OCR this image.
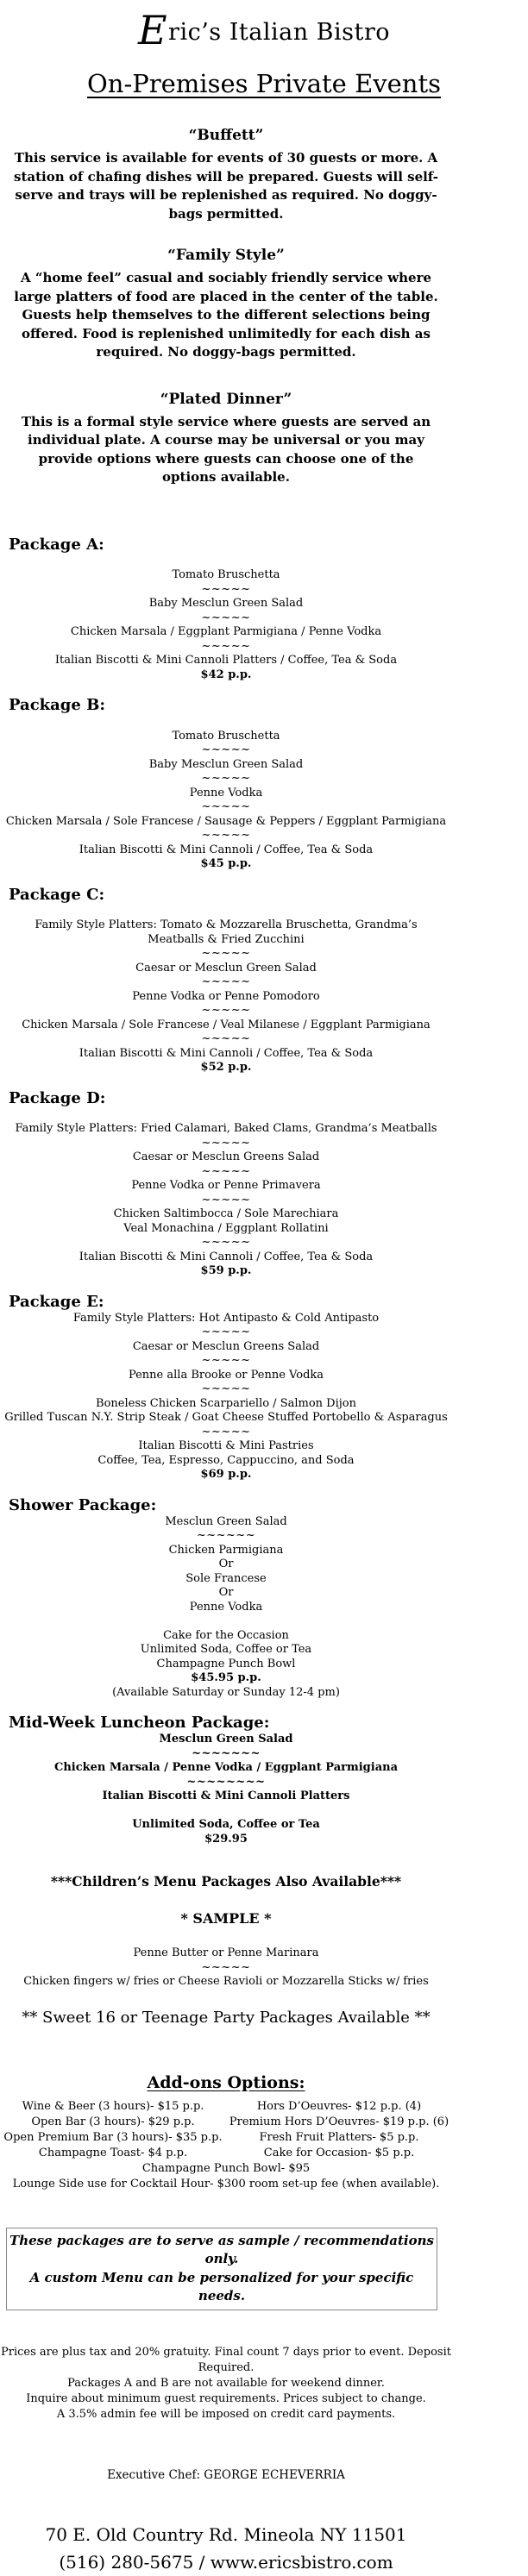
Eric’s Italian Bistro
On-Premises Private Events
“Buffett”

This service is available for events of 30 guests or more. A station of chafing dishes will be prepared. Guests will self-serve and trays will be replenished as required. No doggy-bags permitted.

“Family Style”

A “home feel” casual and sociably friendly service where large platters of food are placed in the center of the table. Guests help themselves to the different selections being offered. Food is replenished unlimitedly for each dish as required. No doggy-bags permitted.

“Plated Dinner”

This is a formal style service where guests are served an individual plate. A course may be universal or you may provide options where guests can choose one of the options available.

Package A:

Tomato Bruschetta
~~~~~
Baby Mesclun Green Salad
~~~~~
Chicken Marsala / Eggplant Parmigiana / Penne Vodka
~~~~~
Italian Biscotti & Mini Cannoli Platters / Coffee, Tea & Soda
$42 p.p.
Package B:

Tomato Bruschetta
~~~~~
Baby Mesclun Green Salad
~~~~~
Penne Vodka
~~~~~
Chicken Marsala / Sole Francese / Sausage & Peppers / Eggplant Parmigiana
~~~~~
Italian Biscotti & Mini Cannoli / Coffee, Tea & Soda
$45 p.p.
Package C:

Family Style Platters: Tomato & Mozzarella Bruschetta, Grandma’s Meatballs & Fried Zucchini
~~~~~
Caesar or Mesclun Green Salad
~~~~~
Penne Vodka or Penne Pomodoro
~~~~~
Chicken Marsala / Sole Francese / Veal Milanese / Eggplant Parmigiana
~~~~~
Italian Biscotti & Mini Cannoli / Coffee, Tea & Soda
$52 p.p.
Package D:

Family Style Platters: Fried Calamari, Baked Clams, Grandma’s Meatballs
~~~~~
Caesar or Mesclun Greens Salad
~~~~~
Penne Vodka or Penne Primavera
~~~~~
Chicken Saltimbocca / Sole Marechiara
Veal Monachina / Eggplant Rollatini
~~~~~
Italian Biscotti & Mini Cannoli / Coffee, Tea & Soda
$59 p.p.
Package E:
Family Style Platters: Hot Antipasto & Cold Antipasto
~~~~~
Caesar or Mesclun Greens Salad
~~~~~
Penne alla Brooke or Penne Vodka
~~~~~
Boneless Chicken Scarpariello / Salmon Dijon
Grilled Tuscan N.Y. Strip Steak / Goat Cheese Stuffed Portobello & Asparagus
~~~~~
Italian Biscotti & Mini Pastries
Coffee, Tea, Espresso, Cappuccino, and Soda
$69 p.p.
Shower Package:
Mesclun Green Salad
~~~~~~
Chicken Parmigiana
Or
Sole Francese
Or
Penne Vodka

Cake for the Occasion
Unlimited Soda, Coffee or Tea
Champagne Punch Bowl
$45.95 p.p.
(Available Saturday or Sunday 12-4 pm)
Mid-Week Luncheon Package:
Mesclun Green Salad
~~~~~~~
Chicken Marsala / Penne Vodka / Eggplant Parmigiana
~~~~~~~~
Italian Biscotti & Mini Cannoli Platters

Unlimited Soda, Coffee or Tea
$29.95
***Children’s Menu Packages Also Available***
* SAMPLE *
Penne Butter or Penne Marinara
~~~~~
Chicken fingers w/ fries or Cheese Ravioli or Mozzarella Sticks w/ fries
** Sweet 16 or Teenage Party Packages Available **
Add-ons Options:
Wine & Beer (3 hours)- $15 p.p.
Open Bar (3 hours)- $29 p.p.
Open Premium Bar (3 hours)- $35 p.p.
Champagne Toast- $4 p.p.
Hors D’Oeuvres- $12 p.p. (4)
Premium Hors D’Oeuvres- $19 p.p. (6)
Fresh Fruit Platters- $5 p.p.
Cake for Occasion- $5 p.p.
Champagne Punch Bowl- $95
Lounge Side use for Cocktail Hour- $300 room set-up fee (when available).
These packages are to serve as sample / recommendations only.
A custom Menu can be personalized for your specific needs.
Prices are plus tax and 20% gratuity. Final count 7 days prior to event. Deposit Required.
Packages A and B are not available for weekend dinner.
Inquire about minimum guest requirements. Prices subject to change.
A 3.5% admin fee will be imposed on credit card payments.
Executive Chef: GEORGE ECHEVERRIA
70 E. Old Country Rd. Mineola NY 11501
(516) 280-5675 / www.ericsbistro.com
